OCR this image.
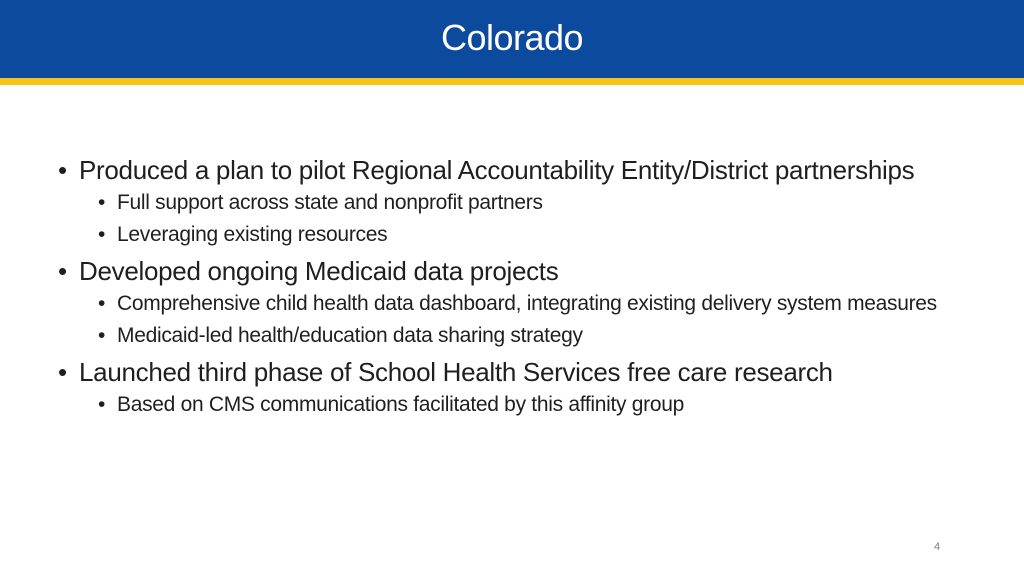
Colorado
• Produced a plan to pilot Regional Accountability Entity/District partnerships
• Full support across state and nonprofit partners
• Leveraging existing resources
• Developed ongoing Medicaid data projects
• Comprehensive child health data dashboard, integrating existing delivery system measures
• Medicaid-led health/education data sharing strategy
• Launched third phase of School Health Services free care research
• Based on CMS communications facilitated by this affinity group
4
